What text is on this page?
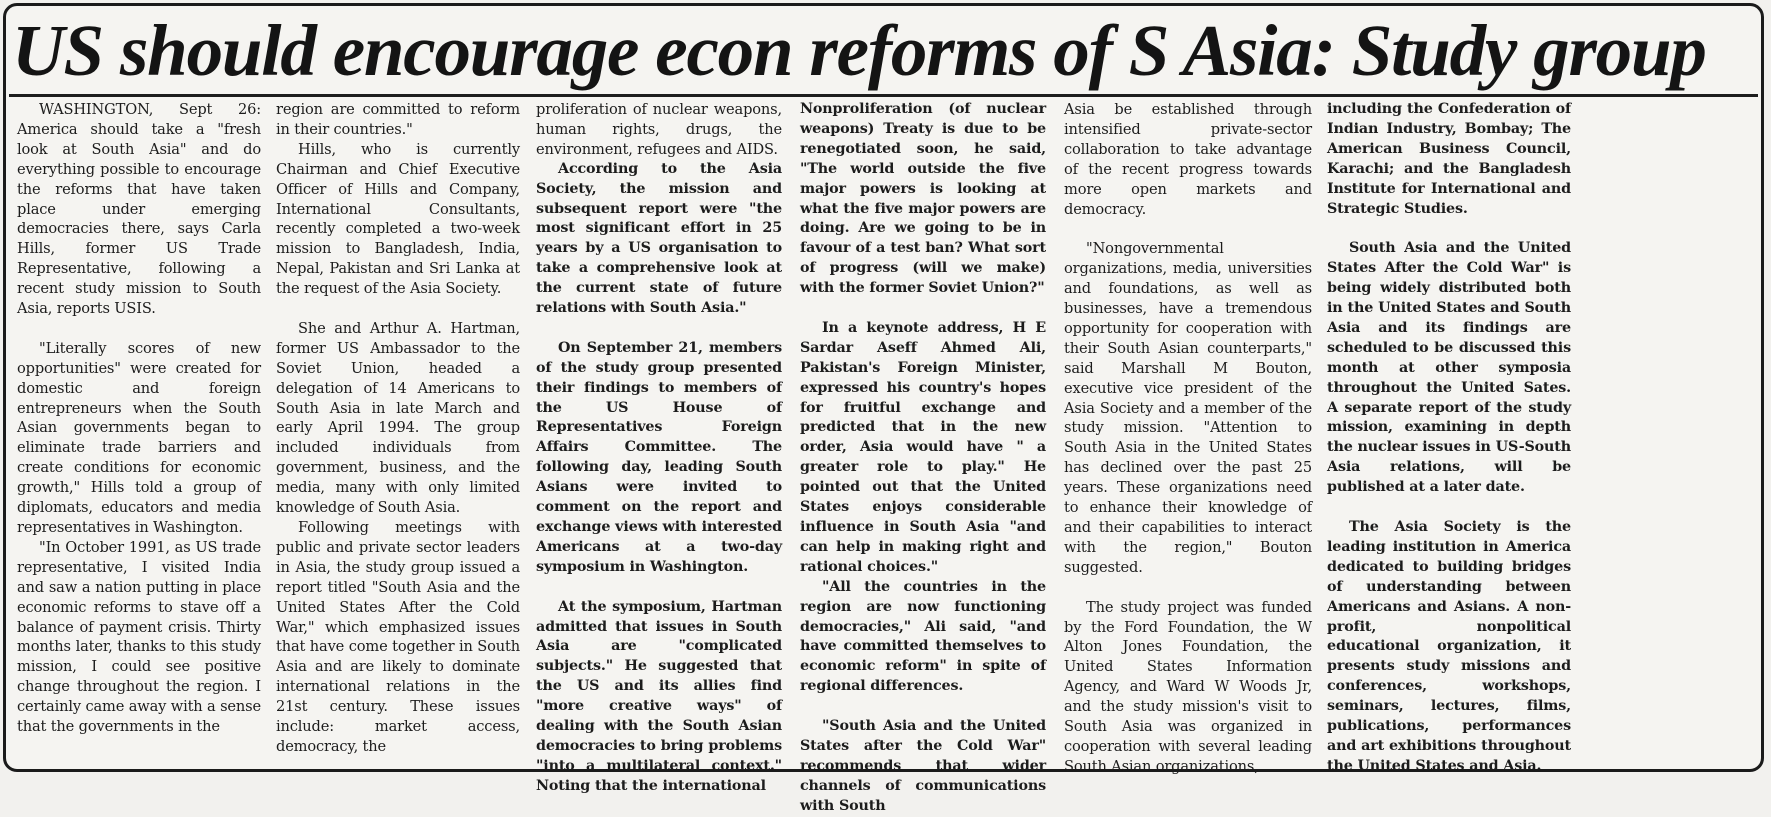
US should encourage econ reforms of S Asia: Study group

WASHINGTON, Sept 26: America should take a "fresh look at South Asia" and do everything possible to encourage the reforms that have taken place under emerging democracies there, says Carla Hills, former US Trade Representative, following a recent study mission to South Asia, reports USIS.

"Literally scores of new opportunities" were created for domestic and foreign entrepreneurs when the South Asian governments began to eliminate trade barriers and create conditions for economic growth," Hills told a group of diplomats, educators and media representatives in Washington.

"In October 1991, as US trade representative, I visited India and saw a nation putting in place economic reforms to stave off a balance of payment crisis. Thirty months later, thanks to this study mission, I could see positive change throughout the region. I certainly came away with a sense that the governments in the

region are committed to reform in their countries."

Hills, who is currently Chairman and Chief Executive Officer of Hills and Company, International Consultants, recently completed a two-week mission to Bangladesh, India, Nepal, Pakistan and Sri Lanka at the request of the Asia Society.

She and Arthur A. Hartman, former US Ambassador to the Soviet Union, headed a delegation of 14 Americans to South Asia in late March and early April 1994. The group included individuals from government, business, and the media, many with only limited knowledge of South Asia.

Following meetings with public and private sector leaders in Asia, the study group issued a report titled "South Asia and the United States After the Cold War," which emphasized issues that have come together in South Asia and are likely to dominate international relations in the 21st century. These issues include: market access, democracy, the

proliferation of nuclear weapons, human rights, drugs, the environment, refugees and AIDS.

According to the Asia Society, the mission and subsequent report were "the most significant effort in 25 years by a US organisation to take a comprehensive look at the current state of future relations with South Asia."

On September 21, members of the study group presented their findings to members of the US House of Representatives Foreign Affairs Committee. The following day, leading South Asians were invited to comment on the report and exchange views with interested Americans at a two-day symposium in Washington.

At the symposium, Hartman admitted that issues in South Asia are "complicated subjects." He suggested that the US and its allies find "more creative ways" of dealing with the South Asian democracies to bring problems "into a multilateral context." Noting that the international

Nonproliferation (of nuclear weapons) Treaty is due to be renegotiated soon, he said, "The world outside the five major powers is looking at what the five major powers are doing. Are we going to be in favour of a test ban? What sort of progress (will we make) with the former Soviet Union?"

In a keynote address, H E Sardar Aseff Ahmed Ali, Pakistan's Foreign Minister, expressed his country's hopes for fruitful exchange and predicted that in the new order, Asia would have " a greater role to play." He pointed out that the United States enjoys considerable influence in South Asia "and can help in making right and rational choices."

"All the countries in the region are now functioning democracies," Ali said, "and have committed themselves to economic reform" in spite of regional differences.

"South Asia and the United States after the Cold War" recommends that wider channels of communications with South

Asia be established through intensified private-sector collaboration to take advantage of the recent progress towards more open markets and democracy.

"Nongovernmental organizations, media, universities and foundations, as well as businesses, have a tremendous opportunity for cooperation with their South Asian counterparts," said Marshall M Bouton, executive vice president of the Asia Society and a member of the study mission. "Attention to South Asia in the United States has declined over the past 25 years. These organizations need to enhance their knowledge of and their capabilities to interact with the region," Bouton suggested.

The study project was funded by the Ford Foundation, the W Alton Jones Foundation, the United States Information Agency, and Ward W Woods Jr, and the study mission's visit to South Asia was organized in cooperation with several leading South Asian organizations,

including the Confederation of Indian Industry, Bombay; The American Business Council, Karachi; and the Bangladesh Institute for International and Strategic Studies.

South Asia and the United States After the Cold War" is being widely distributed both in the United States and South Asia and its findings are scheduled to be discussed this month at other symposia throughout the United Sates. A separate report of the study mission, examining in depth the nuclear issues in US-South Asia relations, will be published at a later date.

The Asia Society is the leading institution in America dedicated to building bridges of understanding between Americans and Asians. A non-profit, nonpolitical educational organization, it presents study missions and conferences, workshops, seminars, lectures, films, publications, performances and art exhibitions throughout the United States and Asia.
